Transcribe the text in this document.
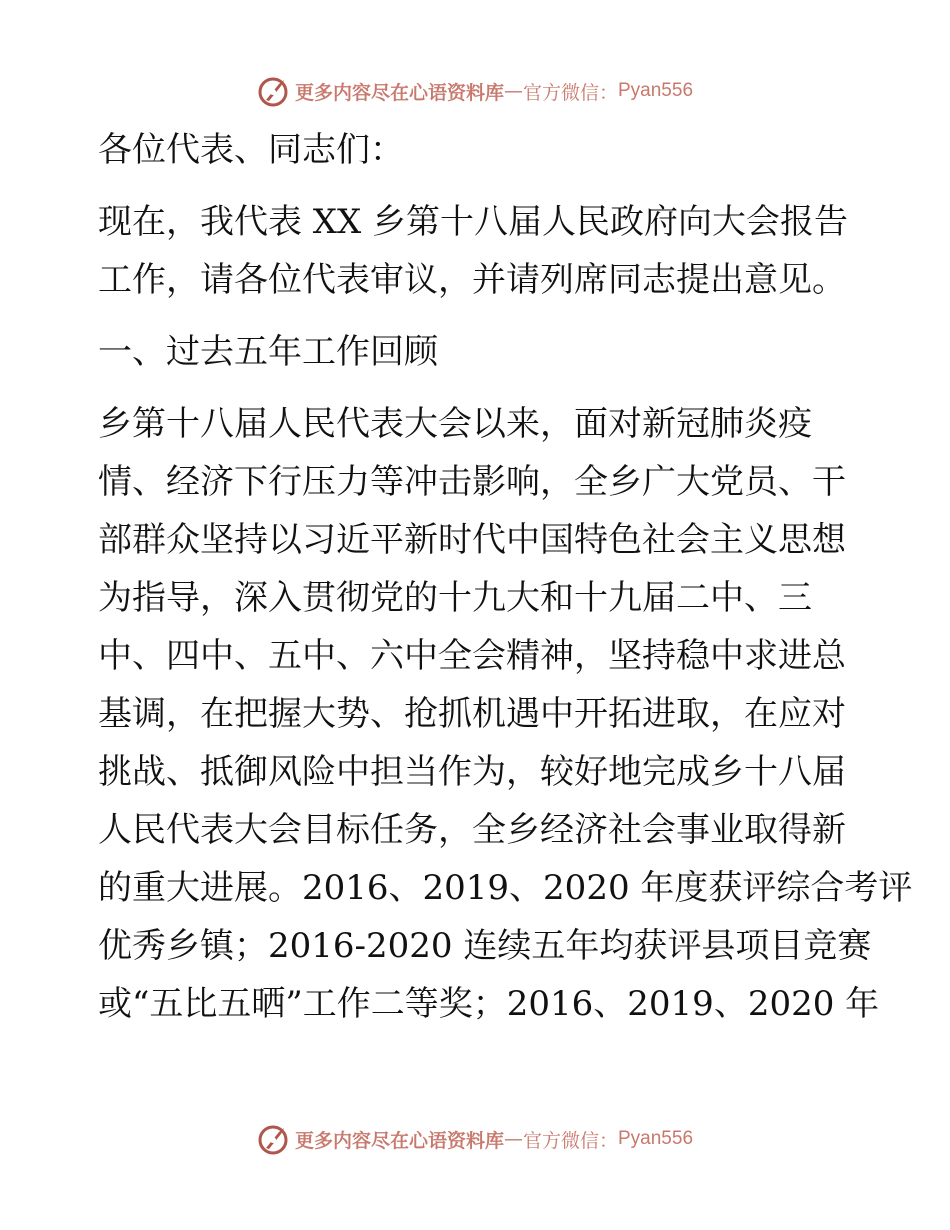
更多内容尽在心语资料库 — 官方微信： Pyan556
各位代表、同志们：
现在，我代表 XX 乡第十八届人民政府向大会报告
工作，请各位代表审议，并请列席同志提出意见。
一、过去五年工作回顾
乡第十八届人民代表大会以来，面对新冠肺炎疫
情、经济下行压力等冲击影响，全乡广大党员、干
部群众坚持以习近平新时代中国特色社会主义思想
为指导，深入贯彻党的十九大和十九届二中、三
中、四中、五中、六中全会精神，坚持稳中求进总
基调，在把握大势、抢抓机遇中开拓进取，在应对
挑战、抵御风险中担当作为，较好地完成乡十八届
人民代表大会目标任务，全乡经济社会事业取得新
的重大进展。2016、2019、2020 年度获评综合考评
优秀乡镇；2016-2020 连续五年均获评县项目竞赛
或“五比五晒”工作二等奖；2016、2019、2020 年
更多内容尽在心语资料库 — 官方微信： Pyan556
